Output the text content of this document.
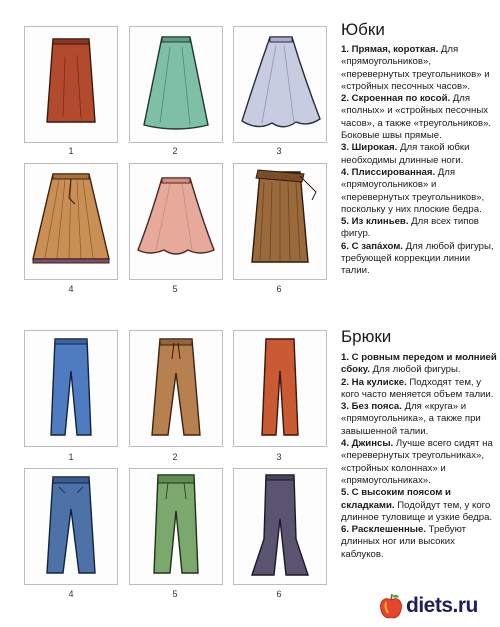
1	2	3
4	5	6
1	2	3
4	5	6
Юбки
1. Прямая, короткая. Для «прямоугольников», «перевернутых треугольников» и «стройных песочных часов».
2. Скроенная по косой. Для «полных» и «стройных песочных часов», а также «треугольников». Боковые швы прямые.
3. Широкая. Для такой юбки необходимы длинные ноги.
4. Плиссированная. Для «прямоугольников» и «перевернутых треугольников», поскольку у них плоские бедра.
5. Из клиньев. Для всех типов фигур.
6. С запа́хом. Для любой фигуры, требующей коррекции линии талии.
Брюки
1. С ровным передом и молнией сбоку. Для любой фигуры.
2. На кулиске. Подходят тем, у кого часто меняется объем талии.
3. Без пояса. Для «круга» и «прямоугольника», а также при завышенной талии.
4. Джинсы. Лучше всего сидят на «перевернутых треугольниках», «стройных колоннах» и «прямоугольниках».
5. С высоким поясом и складками. Подойдут тем, у кого длинное туловище и узкие бедра.
6. Расклешенные. Требуют длинных ног или высоких каблуков.
diets.ru
